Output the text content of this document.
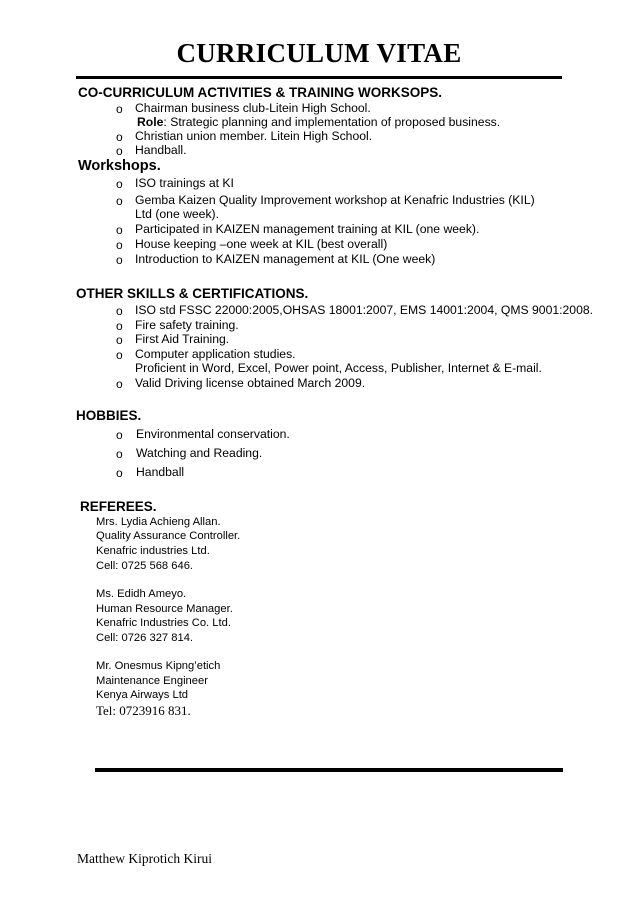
CURRICULUM VITAE
CO-CURRICULUM ACTIVITIES & TRAINING WORKSOPS.
o Chairman business club-Litein High School.
Role: Strategic planning and implementation of proposed business.
o Christian union member. Litein High School.
o Handball.
Workshops.
o ISO trainings at KI
o Gemba Kaizen Quality Improvement workshop at Kenafric Industries (KIL)
Ltd (one week).
o Participated in KAIZEN management training at KIL (one week).
o House keeping –one week at KIL (best overall)
o Introduction to KAIZEN management at KIL (One week)
OTHER SKILLS & CERTIFICATIONS.
o ISO std FSSC 22000:2005,OHSAS 18001:2007, EMS 14001:2004, QMS 9001:2008.
o Fire safety training.
o First Aid Training.
o Computer application studies.
Proficient in Word, Excel, Power point, Access, Publisher, Internet & E-mail.
o Valid Driving license obtained March 2009.
HOBBIES.
o Environmental conservation.
o Watching and Reading.
o Handball
REFEREES.
Mrs. Lydia Achieng Allan.
Quality Assurance Controller.
Kenafric industries Ltd.
Cell: 0725 568 646.
Ms. Edidh Ameyo.
Human Resource Manager.
Kenafric Industries Co. Ltd.
Cell: 0726 327 814.
Mr. Onesmus Kipng’etich
Maintenance Engineer
Kenya Airways Ltd
Tel: 0723916 831.
Matthew Kiprotich Kirui
